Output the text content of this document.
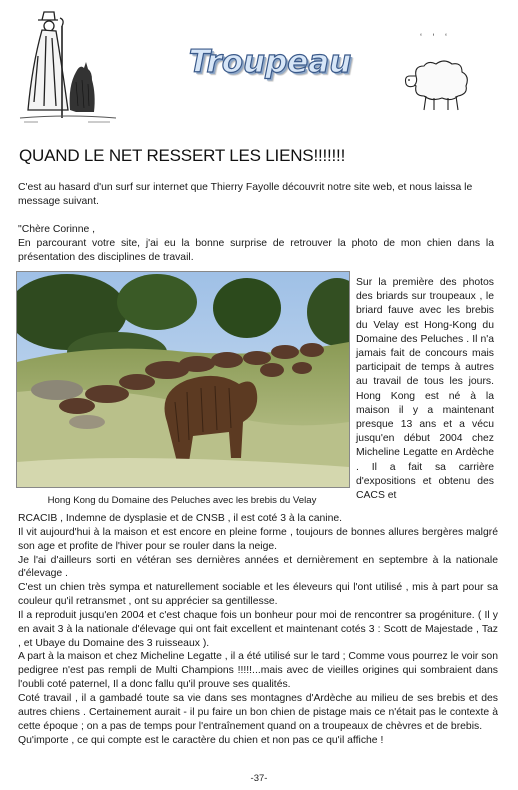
‘ ‘ ‘
Troupeau
QUAND LE NET RESSERT LES LIENS!!!!!!!

C'est au hasard d'un surf sur internet que Thierry Fayolle découvrit notre site web, et nous laissa le message suivant.

"Chère Corinne ,

En parcourant votre site, j'ai eu la bonne surprise de retrouver la photo de mon chien dans la présentation des disciplines de travail.

Hong Kong du Domaine des Peluches avec les brebis du Velay

Sur la première des photos des briards sur troupeaux , le briard fauve avec les brebis du Velay est Hong-Kong du Domaine des Peluches . Il n'a jamais fait de concours mais participait de temps à autres au travail de tous les jours. Hong Kong est né à la maison il y a maintenant presque 13 ans et a vécu jusqu'en début 2004 chez Micheline Legatte en Ardèche . Il a fait sa carrière d'expositions et obtenu des CACS et

RCACIB , Indemne de dysplasie et de CNSB , il est coté 3 à la canine.

Il vit aujourd'hui à la maison et est encore en pleine forme , toujours de bonnes allures bergères malgré son age et profite de l'hiver pour se rouler dans la neige.

Je l'ai d'ailleurs sorti en vétéran ses dernières années et dernièrement en septembre à la nationale d'élevage .

C'est un chien très sympa et naturellement sociable et les éleveurs qui l'ont utilisé , mis à part pour sa couleur qu'il retransmet , ont su apprécier sa gentillesse.

Il a reproduit jusqu'en 2004 et c'est chaque fois un bonheur pour moi de rencontrer sa progéniture. ( Il y en avait 3 à la nationale d'élevage qui ont fait excellent et maintenant cotés 3 : Scott de Majestade , Taz , et Ubaye du Domaine des 3 ruisseaux ).

A part à la maison et chez Micheline Legatte , il a été utilisé sur le tard ; Comme vous pourrez le voir son pedigree n'est pas rempli de Multi Champions !!!!!...mais avec de vieilles origines qui sombraient dans l'oubli coté paternel, Il a donc fallu qu'il prouve ses qualités.

Coté travail , il a gambadé toute sa vie dans ses montagnes d'Ardèche au milieu de ses brebis et des autres chiens . Certainement aurait - il pu faire un bon chien de pistage mais ce n'était pas le contexte à cette époque ; on a pas de temps pour l'entraînement quand on a troupeaux de chèvres et de brebis.

Qu'importe , ce qui compte est le caractère du chien et non pas ce qu'il affiche !

-37-
